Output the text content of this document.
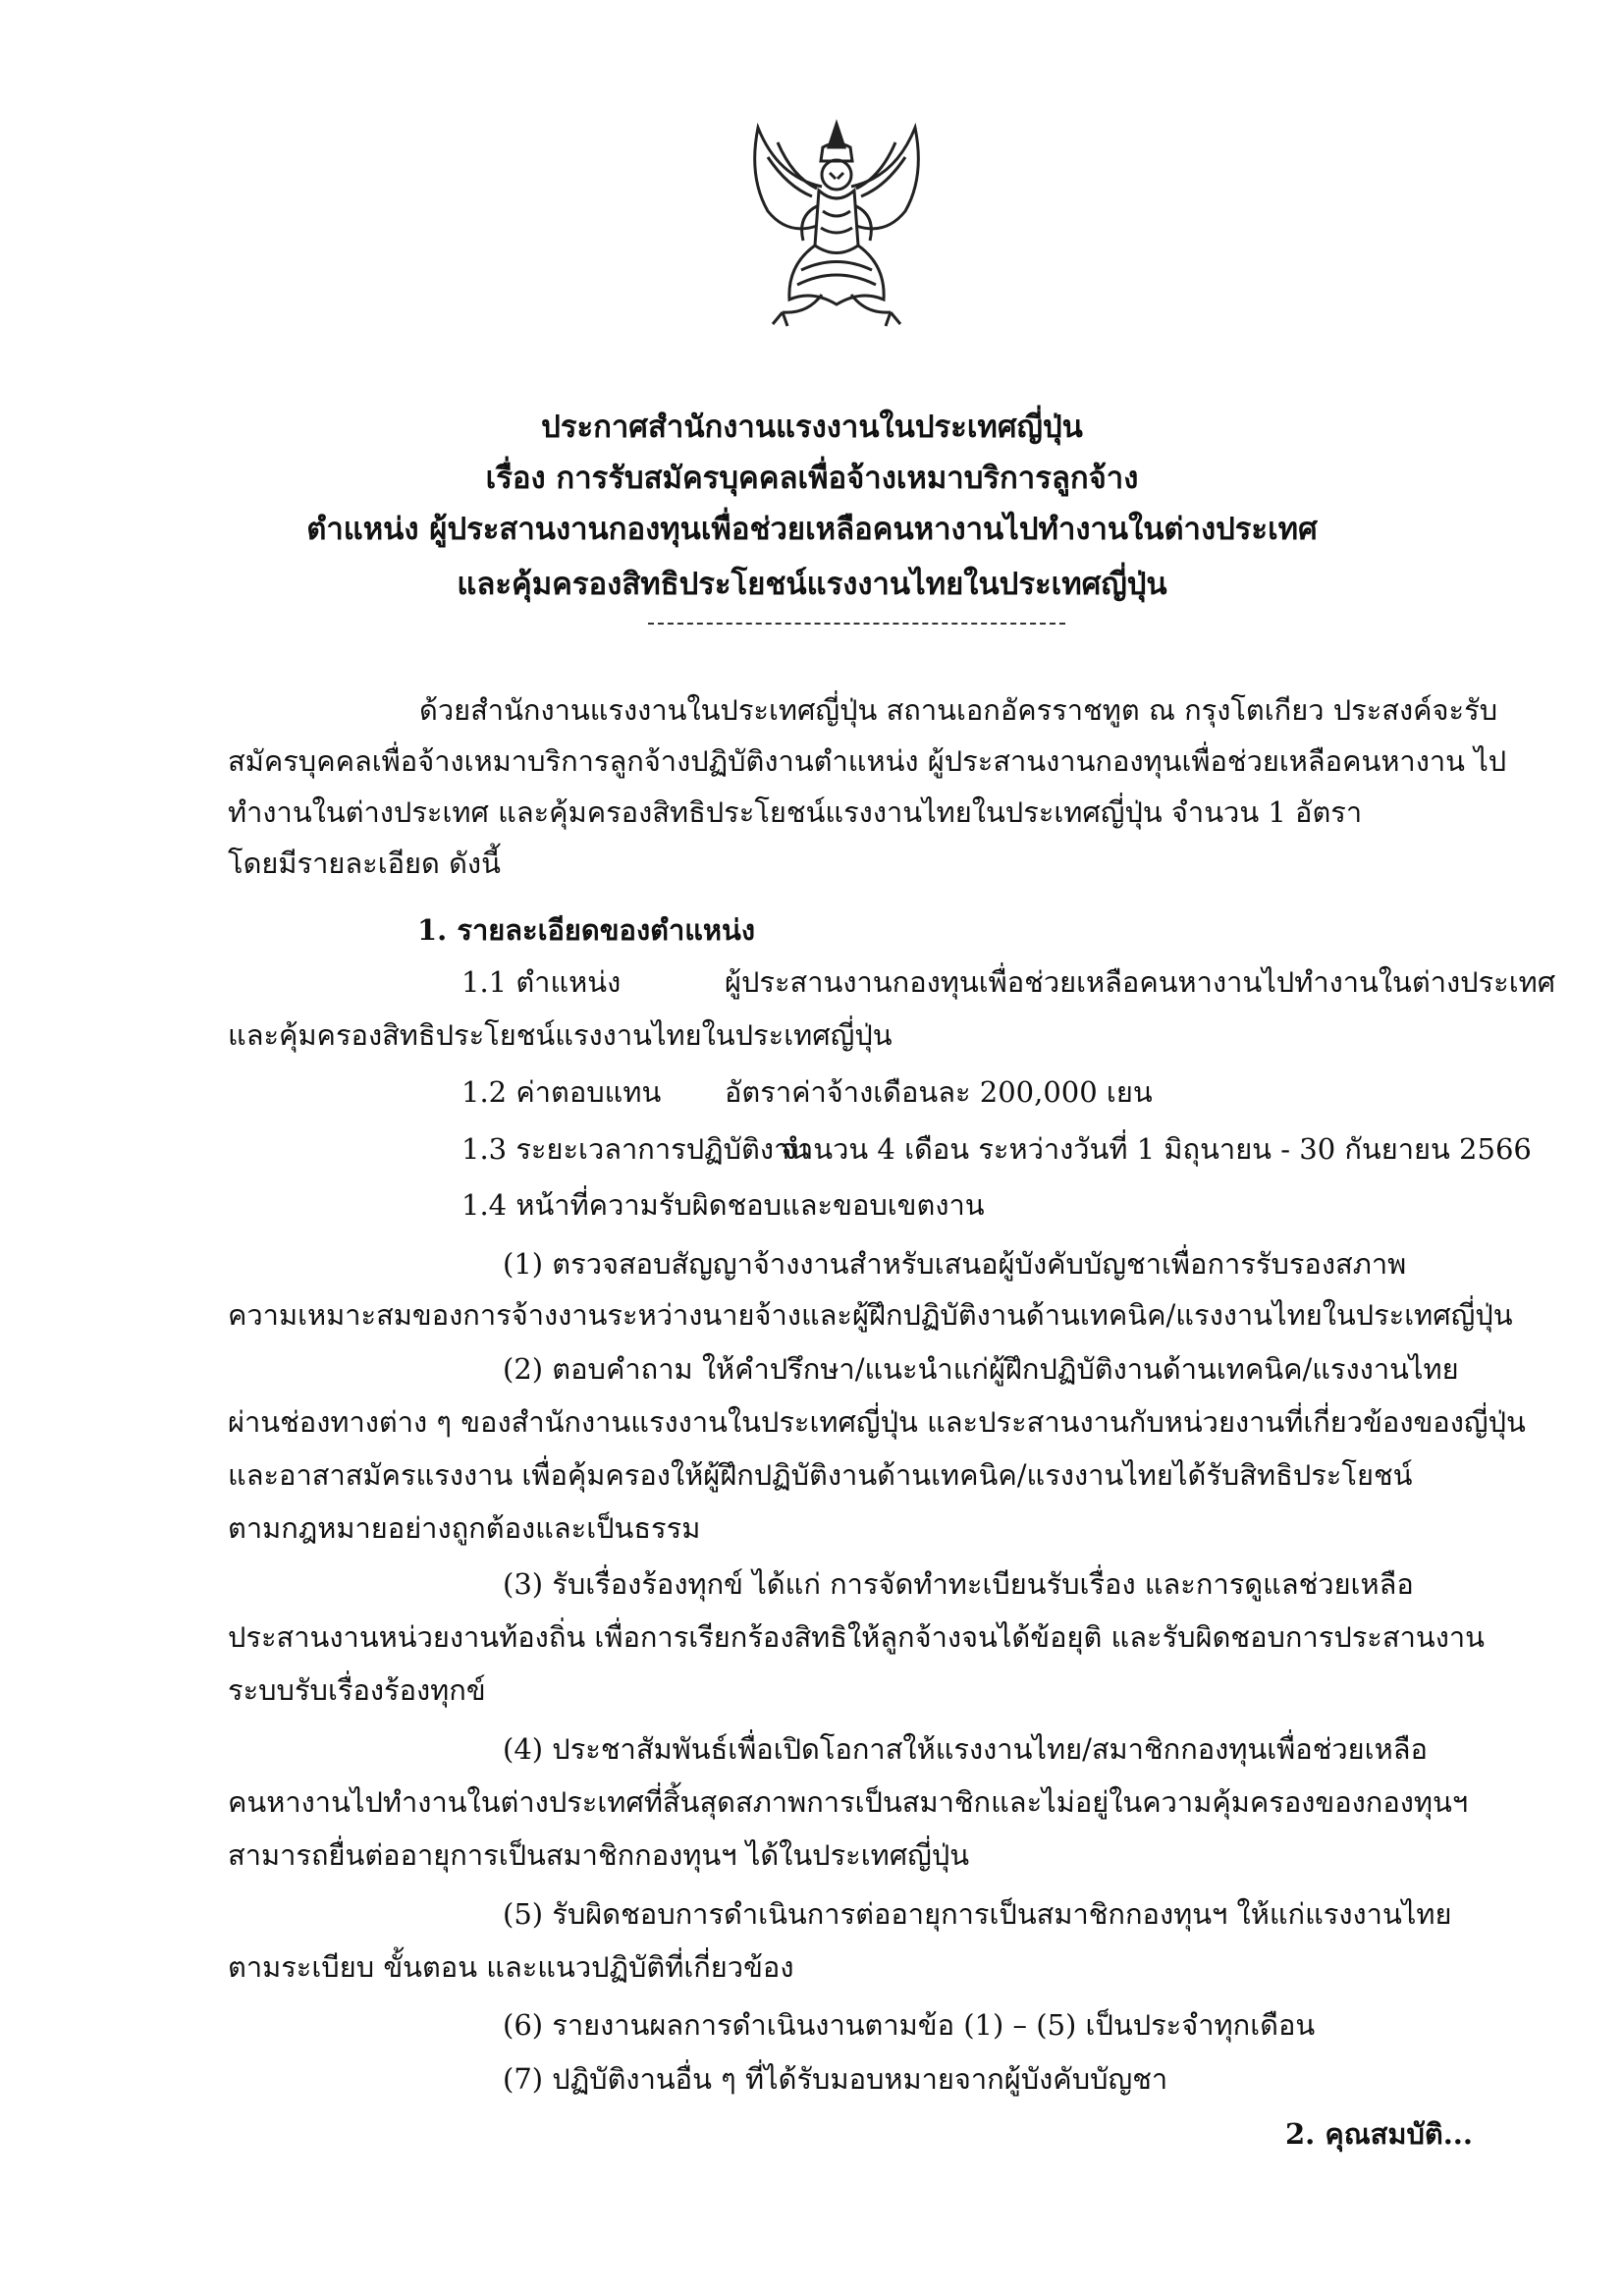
ประกาศสำนักงานแรงงานในประเทศญี่ปุ่น
เรื่อง การรับสมัครบุคคลเพื่อจ้างเหมาบริการลูกจ้าง
ตำแหน่ง ผู้ประสานงานกองทุนเพื่อช่วยเหลือคนหางานไปทำงานในต่างประเทศ
และคุ้มครองสิทธิประโยชน์แรงงานไทยในประเทศญี่ปุ่น
ด้วยสำนักงานแรงงานในประเทศญี่ปุ่น สถานเอกอัครราชทูต ณ กรุงโตเกียว ประสงค์จะรับ
สมัครบุคคลเพื่อจ้างเหมาบริการลูกจ้างปฏิบัติงานตำแหน่ง ผู้ประสานงานกองทุนเพื่อช่วยเหลือคนหางาน ไป
ทำงานในต่างประเทศ และคุ้มครองสิทธิประโยชน์แรงงานไทยในประเทศญี่ปุ่น จำนวน 1 อัตรา
โดยมีรายละเอียด ดังนี้
1. รายละเอียดของตำแหน่ง
1.1 ตำแหน่ง	ผู้ประสานงานกองทุนเพื่อช่วยเหลือคนหางานไปทำงานในต่างประเทศ
และคุ้มครองสิทธิประโยชน์แรงงานไทยในประเทศญี่ปุ่น
1.2 ค่าตอบแทน อัตราค่าจ้างเดือนละ 200,000 เยน
1.3 ระยะเวลาการปฏิบัติงาน
จำนวน 4 เดือน ระหว่างวันที่ 1 มิถุนายน - 30 กันยายน 2566
1.4 หน้าที่ความรับผิดชอบและขอบเขตงาน
(1) ตรวจสอบสัญญาจ้างงานสำหรับเสนอผู้บังคับบัญชาเพื่อการรับรองสภาพ
ความเหมาะสมของการจ้างงานระหว่างนายจ้างและผู้ฝึกปฏิบัติงานด้านเทคนิค/แรงงานไทยในประเทศญี่ปุ่น
(2) ตอบคำถาม ให้คำปรึกษา/แนะนำแก่ผู้ฝึกปฏิบัติงานด้านเทคนิค/แรงงานไทย
ผ่านช่องทางต่าง ๆ ของสำนักงานแรงงานในประเทศญี่ปุ่น และประสานงานกับหน่วยงานที่เกี่ยวข้องของญี่ปุ่น
และอาสาสมัครแรงงาน เพื่อคุ้มครองให้ผู้ฝึกปฏิบัติงานด้านเทคนิค/แรงงานไทยได้รับสิทธิประโยชน์
ตามกฎหมายอย่างถูกต้องและเป็นธรรม
(3) รับเรื่องร้องทุกข์ ได้แก่ การจัดทำทะเบียนรับเรื่อง และการดูแลช่วยเหลือ
ประสานงานหน่วยงานท้องถิ่น เพื่อการเรียกร้องสิทธิให้ลูกจ้างจนได้ข้อยุติ และรับผิดชอบการประสานงาน
ระบบรับเรื่องร้องทุกข์
(4) ประชาสัมพันธ์เพื่อเปิดโอกาสให้แรงงานไทย/สมาชิกกองทุนเพื่อช่วยเหลือ
คนหางานไปทำงานในต่างประเทศที่สิ้นสุดสภาพการเป็นสมาชิกและไม่อยู่ในความคุ้มครองของกองทุนฯ
สามารถยื่นต่ออายุการเป็นสมาชิกกองทุนฯ ได้ในประเทศญี่ปุ่น
(5) รับผิดชอบการดำเนินการต่ออายุการเป็นสมาชิกกองทุนฯ ให้แก่แรงงานไทย
ตามระเบียบ ขั้นตอน และแนวปฏิบัติที่เกี่ยวข้อง
(6) รายงานผลการดำเนินงานตามข้อ (1) – (5) เป็นประจำทุกเดือน
(7) ปฏิบัติงานอื่น ๆ ที่ได้รับมอบหมายจากผู้บังคับบัญชา
2. คุณสมบัติ...
